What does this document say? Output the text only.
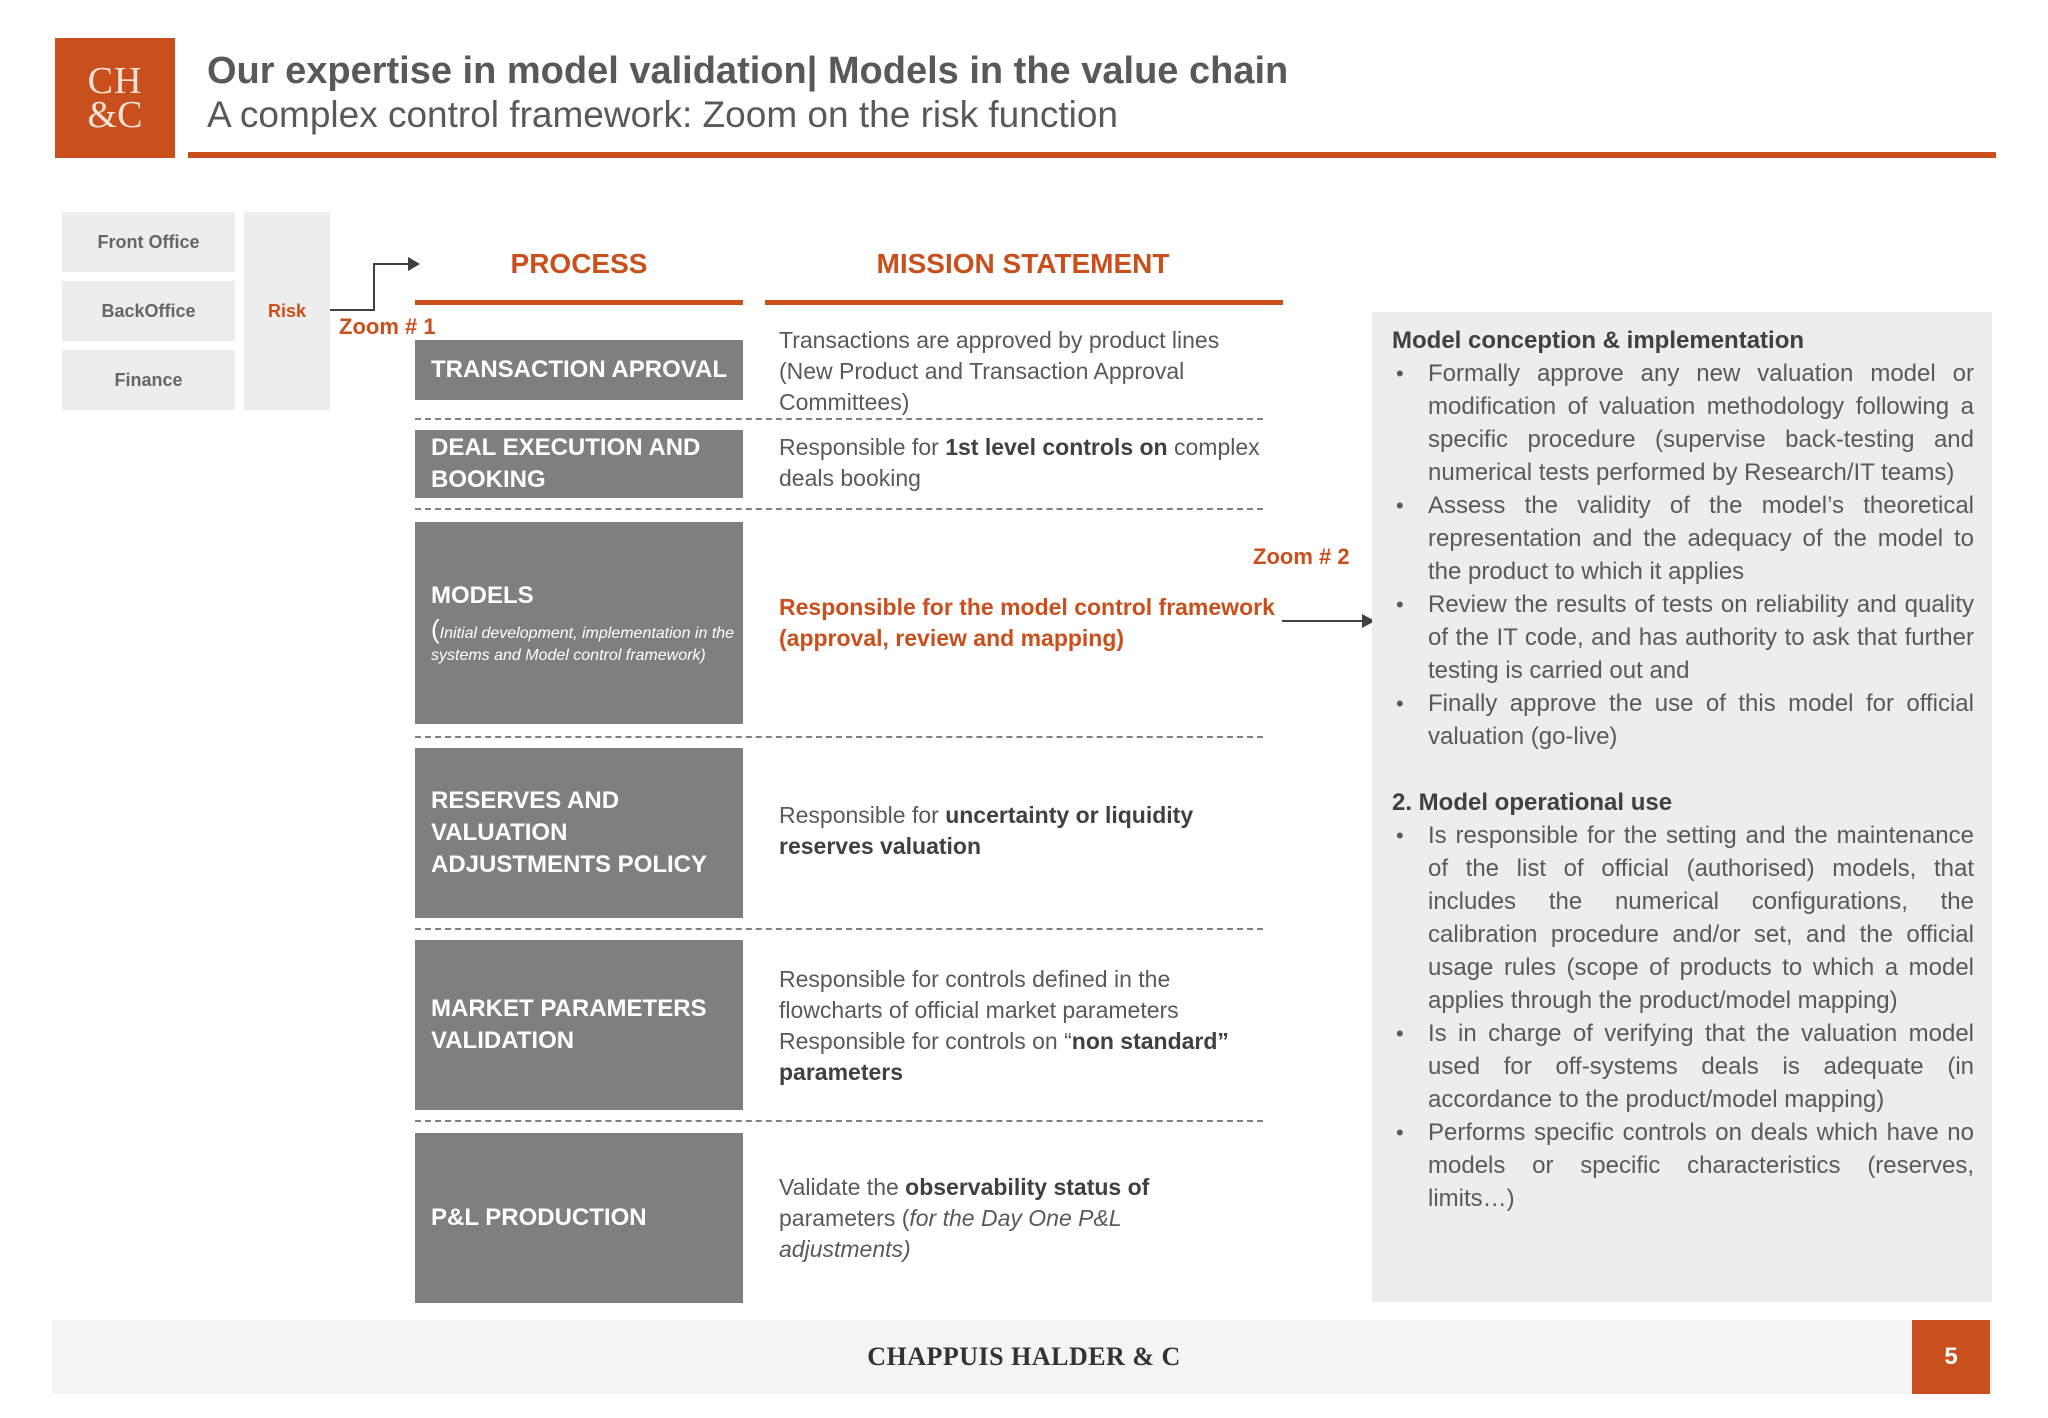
CH
&C
Our expertise in model validation| Models in the value chain
A complex control framework: Zoom on the risk function
Front Office
BackOffice
Finance
Risk
Zoom # 1
PROCESS	MISSION STATEMENT
TRANSACTION APROVAL
Transactions are approved by product lines (New Product and Transaction Approval Committees)
DEAL EXECUTION AND BOOKING
Responsible for 1st level controls on complex deals booking
MODELS
(Initial development, implementation in the systems and Model control framework)
Responsible for the model control framework (approval, review and mapping)
Zoom # 2
RESERVES AND VALUATION ADJUSTMENTS POLICY
Responsible for uncertainty or liquidity reserves valuation
MARKET PARAMETERS VALIDATION
Responsible for controls defined in the flowcharts of official market parameters
Responsible for controls on “non standard” parameters
P&L PRODUCTION
Validate the observability status of parameters (for the Day One P&L adjustments)
Model conception & implementation
• Formally approve any new valuation model or modification of valuation methodology following a specific procedure (supervise back-testing and numerical tests performed by Research/IT teams)
• Assess the validity of the model’s theoretical representation and the adequacy of the model to the product to which it applies
• Review the results of tests on reliability and quality of the IT code, and has authority to ask that further testing is carried out and
• Finally approve the use of this model for official valuation (go-live)
2. Model operational use
• Is responsible for the setting and the maintenance of the list of official (authorised) models, that includes the numerical configurations, the calibration procedure and/or set, and the official usage rules (scope of products to which a model applies through the product/model mapping)
• Is in charge of verifying that the valuation model used for off-systems deals is adequate (in accordance to the product/model mapping)
• Performs specific controls on deals which have no models or specific characteristics (reserves, limits…)
CHAPPUIS HALDER & C	5
